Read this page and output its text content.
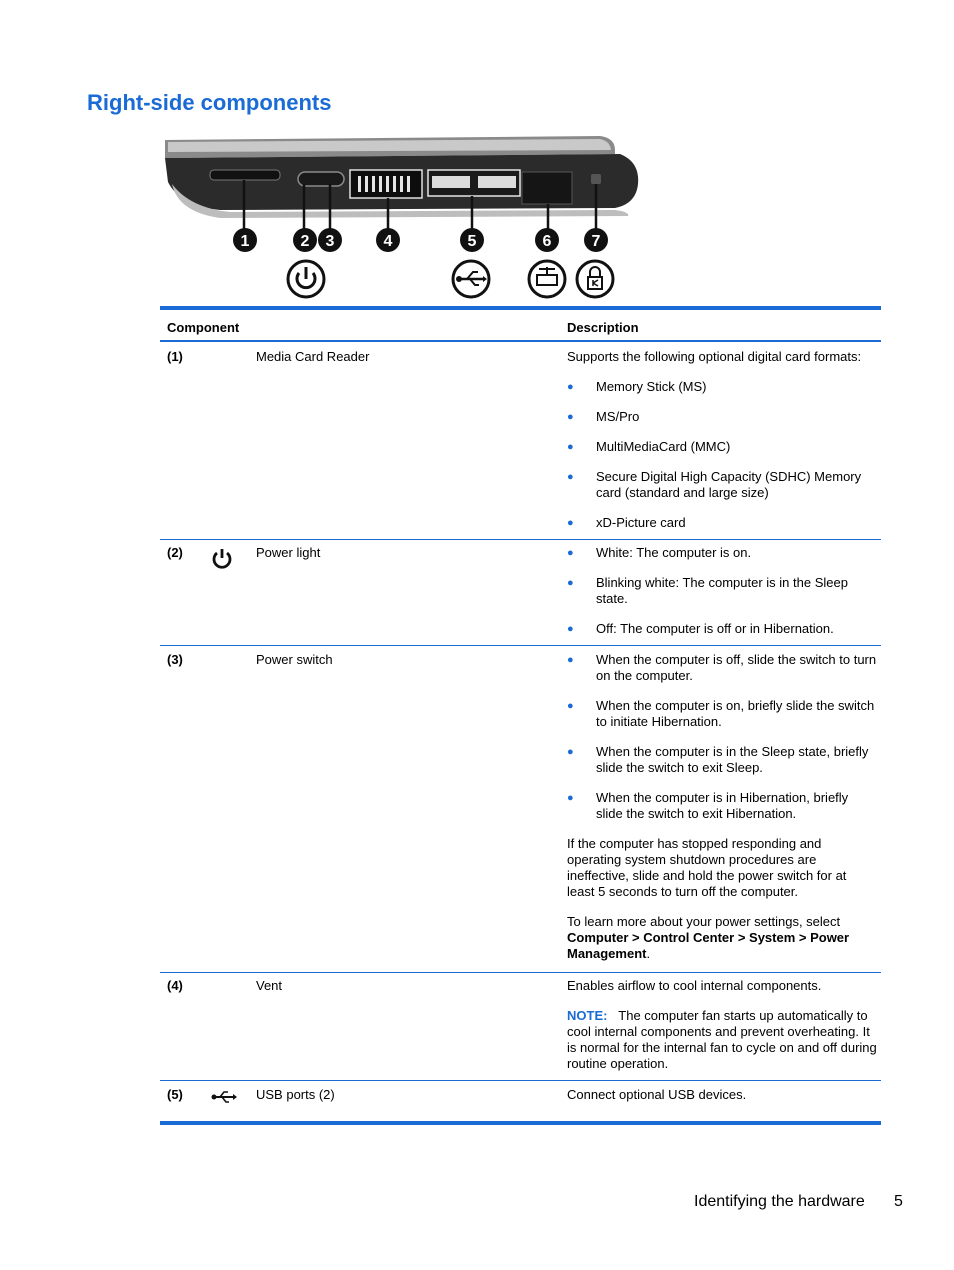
Right-side components
1	2 3	4	5	6	7
Component	Description
(1)	Media Card Reader	Supports the following optional digital card formats:

● Memory Stick (MS)

● MS/Pro

● MultiMediaCard (MMC)

● Secure Digital High Capacity (SDHC) Memory card (standard and large size)

● xD-Picture card

(2)	Power light	● White: The computer is on.

● Blinking white: The computer is in the Sleep state.

● Off: The computer is off or in Hibernation.

(3)	Power switch	● When the computer is off, slide the switch to turn on the computer.

● When the computer is on, briefly slide the switch to initiate Hibernation.

● When the computer is in the Sleep state, briefly slide the switch to exit Sleep.

● When the computer is in Hibernation, briefly slide the switch to exit Hibernation.

If the computer has stopped responding and operating system shutdown procedures are ineffective, slide and hold the power switch for at least 5 seconds to turn off the computer.

To learn more about your power settings, select Computer > Control Center > System > Power Management.

(4)	Vent	Enables airflow to cool internal components.

NOTE: The computer fan starts up automatically to cool internal components and prevent overheating. It is normal for the internal fan to cycle on and off during routine operation.

(5)	USB ports (2)	Connect optional USB devices.
Identifying the hardware 5
